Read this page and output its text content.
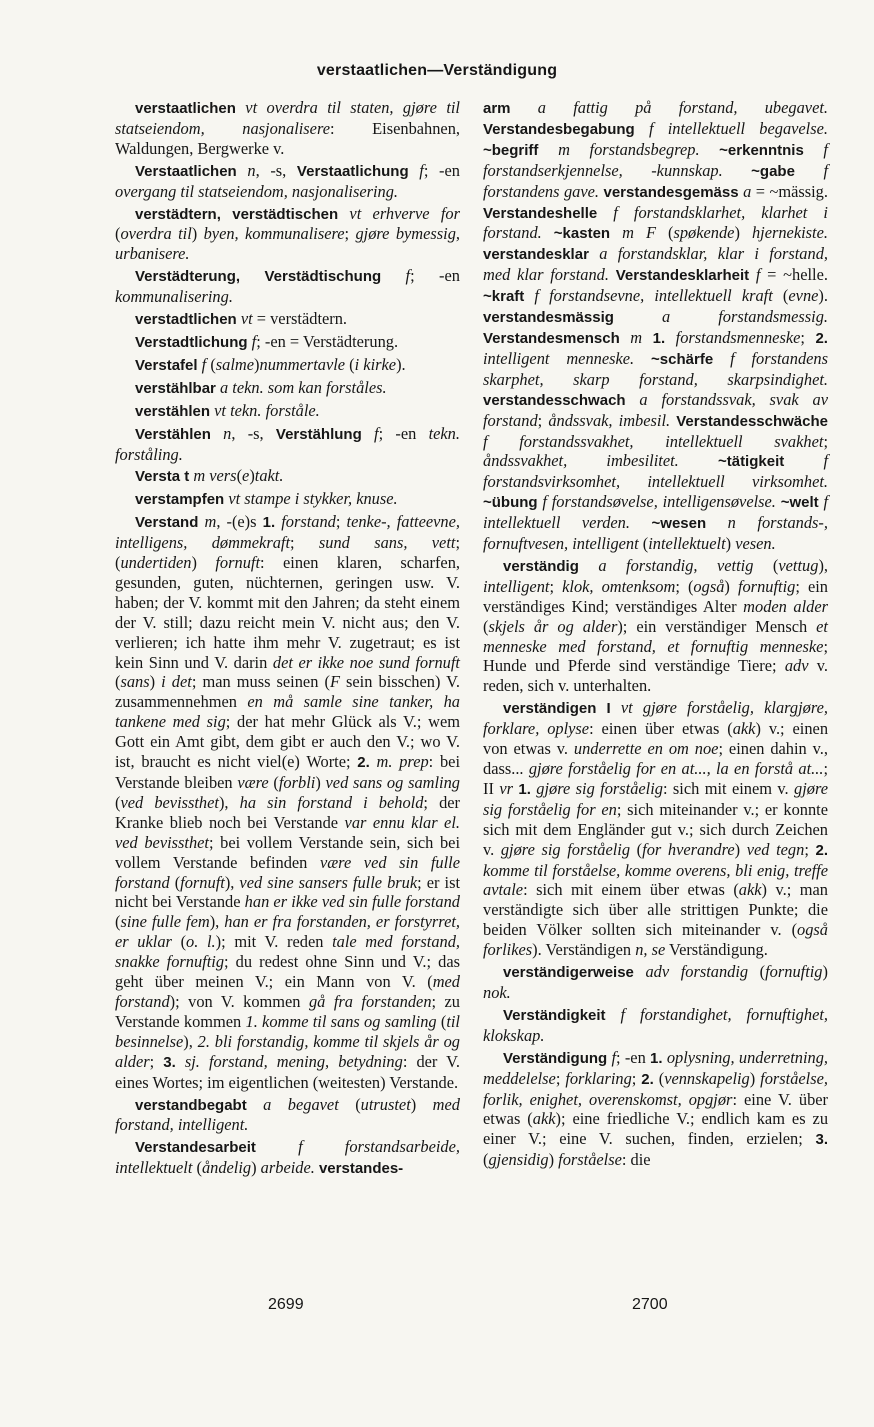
verstaatlichen—Verständigung

verstaatlichen vt overdra til staten, gjøre til statseiendom, nasjonalisere: Eisenbahnen, Waldungen, Bergwerke v.

Verstaatlichen n, -s, Verstaatlichung f; -en overgang til statseiendom, nasjonalisering.

verstädtern, verstädtischen vt erhverve for (overdra til) byen, kommunalisere; gjøre bymessig, urbanisere.

Verstädterung, Verstädtischung f; -en kommunalisering.

verstadtlichen vt = verstädtern.

Verstadtlichung f; -en = Verstädterung.

Verstafel f (salme)nummertavle (i kirke).

verstählbar a tekn. som kan forståles.

verstählen vt tekn. forståle.

Verstählen n, -s, Verstählung f; -en tekn. forståling.

Versta t m vers(e)takt.

verstampfen vt stampe i stykker, knuse.

Verstand m, -(e)s 1. forstand; tenke-, fatteevne, intelligens, dømmekraft; sund sans, vett; (undertiden) fornuft: einen klaren, scharfen, gesunden, guten, nüchternen, geringen usw. V. haben; der V. kommt mit den Jahren; da steht einem der V. still; dazu reicht mein V. nicht aus; den V. verlieren; ich hatte ihm mehr V. zugetraut; es ist kein Sinn und V. darin det er ikke noe sund fornuft (sans) i det; man muss seinen (F sein bisschen) V. zusammennehmen en må samle sine tanker, ha tankene med sig; der hat mehr Glück als V.; wem Gott ein Amt gibt, dem gibt er auch den V.; wo V. ist, braucht es nicht viel(e) Worte; 2. m. prep: bei Verstande bleiben være (forbli) ved sans og samling (ved bevissthet), ha sin forstand i behold; der Kranke blieb noch bei Verstande var ennu klar el. ved bevissthet; bei vollem Verstande sein, sich bei vollem Verstande befinden være ved sin fulle forstand (fornuft), ved sine sansers fulle bruk; er ist nicht bei Verstande han er ikke ved sin fulle forstand (sine fulle fem), han er fra forstanden, er forstyrret, er uklar (o. l.); mit V. reden tale med forstand, snakke fornuftig; du redest ohne Sinn und V.; das geht über meinen V.; ein Mann von V. (med forstand); von V. kommen gå fra forstanden; zu Verstande kommen 1. komme til sans og samling (til besinnelse), 2. bli forstandig, komme til skjels år og alder; 3. sj. forstand, mening, betydning: der V. eines Wortes; im eigentlichen (weitesten) Verstande.

verstandbegabt a begavet (utrustet) med forstand, intelligent.

Verstandesarbeit	f forstandsarbeide, intellektuelt (åndelig) arbeide. verstandes-

arm a fattig på forstand, ubegavet. Verstandesbegabung f intellektuell begavelse. ~begriff m forstandsbegrep. ~erkenntnis f forstandserkjennelse, -kunnskap. ~gabe f forstandens gave. verstandesgemäss a = ~mässig. Verstandeshelle f forstandsklarhet, klarhet i forstand. ~kasten m F (spøkende) hjernekiste. verstandesklar a forstandsklar, klar i forstand, med klar forstand. Verstandesklarheit f = ~helle. ~kraft f forstandsevne, intellektuell kraft (evne). verstandesmässig	a forstandsmessig. Verstandesmensch m 1. forstandsmenneske; 2. intelligent menneske. ~schärfe f forstandens skarphet, skarp forstand, skarpsindighet. verstandesschwach a forstandssvak, svak av forstand; åndssvak, imbesil. Verstandesschwäche f forstandssvakhet, intellektuell svakhet; åndssvakhet, imbesilitet.	~tätigkeit f forstandsvirksomhet, intellektuell virksomhet. ~übung f forstandsøvelse, intelligensøvelse. ~welt f intellektuell verden. ~wesen n forstands-, fornuftvesen, intelligent (intellektuelt) vesen.

verständig a forstandig, vettig (vettug), intelligent; klok, omtenksom; (også) fornuftig; ein verständiges Kind; verständiges Alter moden alder (skjels år og alder); ein verständiger Mensch et menneske med forstand, et fornuftig menneske; Hunde und Pferde sind verständige Tiere; adv v. reden, sich v. unterhalten.

verständigen I vt gjøre forståelig, klargjøre, forklare, oplyse: einen über etwas (akk) v.; einen von etwas v. underrette en om noe; einen dahin v., dass... gjøre forståelig for en at..., la en forstå at...; II vr 1. gjøre sig forståelig: sich mit einem v. gjøre sig forståelig for en; sich miteinander v.; er konnte sich mit dem Engländer gut v.; sich durch Zeichen v. gjøre sig forståelig (for hverandre) ved tegn; 2. komme til forståelse, komme overens, bli enig, treffe avtale: sich mit einem über etwas (akk) v.; man verständigte sich über alle strittigen Punkte; die beiden Völker sollten sich miteinander v. (også forlikes). Verständigen n, se Verständigung.

verständigerweise adv forstandig (fornuftig) nok.

Verständigkeit f forstandighet, fornuftighet, klokskap.

Verständigung f; -en 1. oplysning, underretning, meddelelse; forklaring; 2. (vennskapelig) forståelse, forlik, enighet, overenskomst, opgjør: eine V. über etwas (akk); eine friedliche V.; endlich kam es zu einer V.; eine V. suchen, finden, erzielen; 3. (gjensidig) forståelse: die

2699	2700
